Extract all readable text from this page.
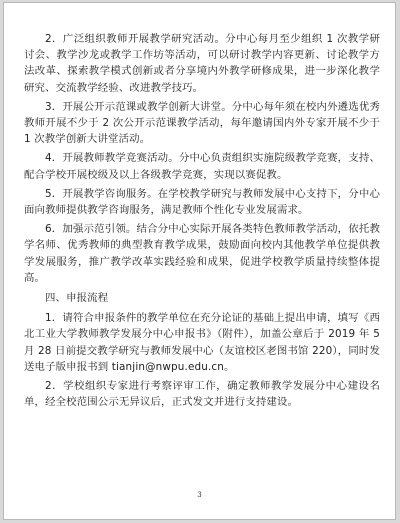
2．广泛组织教师开展教学研究活动。分中心每月至少组织 1 次教学研讨会、教学沙龙或教学工作坊等活动，可以研讨教学内容更新、讨论教学方法改革、探索教学模式创新或者分享境内外教学研修成果，进一步深化教学研究、交流教学经验、改进教学技巧。

3．开展公开示范课或教学创新大讲堂。分中心每年须在校内外遴选优秀教师开展不少于 2 次公开示范课教学活动，每年邀请国内外专家开展不少于 1 次教学创新大讲堂活动。

4．开展教师教学竞赛活动。分中心负责组织实施院级教学竞赛，支持、配合学校开展校级及以上各级教学竞赛，实现以赛促教。

5．开展教学咨询服务。在学校教学研究与教师发展中心支持下，分中心面向教师提供教学咨询服务，满足教师个性化专业发展需求。

6．加强示范引领。结合分中心实际开展各类特色教师教学活动，依托教学名师、优秀教师的典型教育教学成果，鼓励面向校内其他教学单位提供教学发展服务，推广教学改革实践经验和成果，促进学校教学质量持续整体提高。

四、申报流程

1．请符合申报条件的教学单位在充分论证的基础上提出申请，填写《西北工业大学教师教学发展分中心申报书》（附件），加盖公章后于 2019 年 5 月 28 日前提交教学研究与教师发展中心（友谊校区老图书馆 220），同时发送电子版申报书到 tianjin@nwpu.edu.cn。

2．学校组织专家进行考察评审工作，确定教师教学发展分中心建设名单，经全校范围公示无异议后，正式发文并进行支持建设。

3
